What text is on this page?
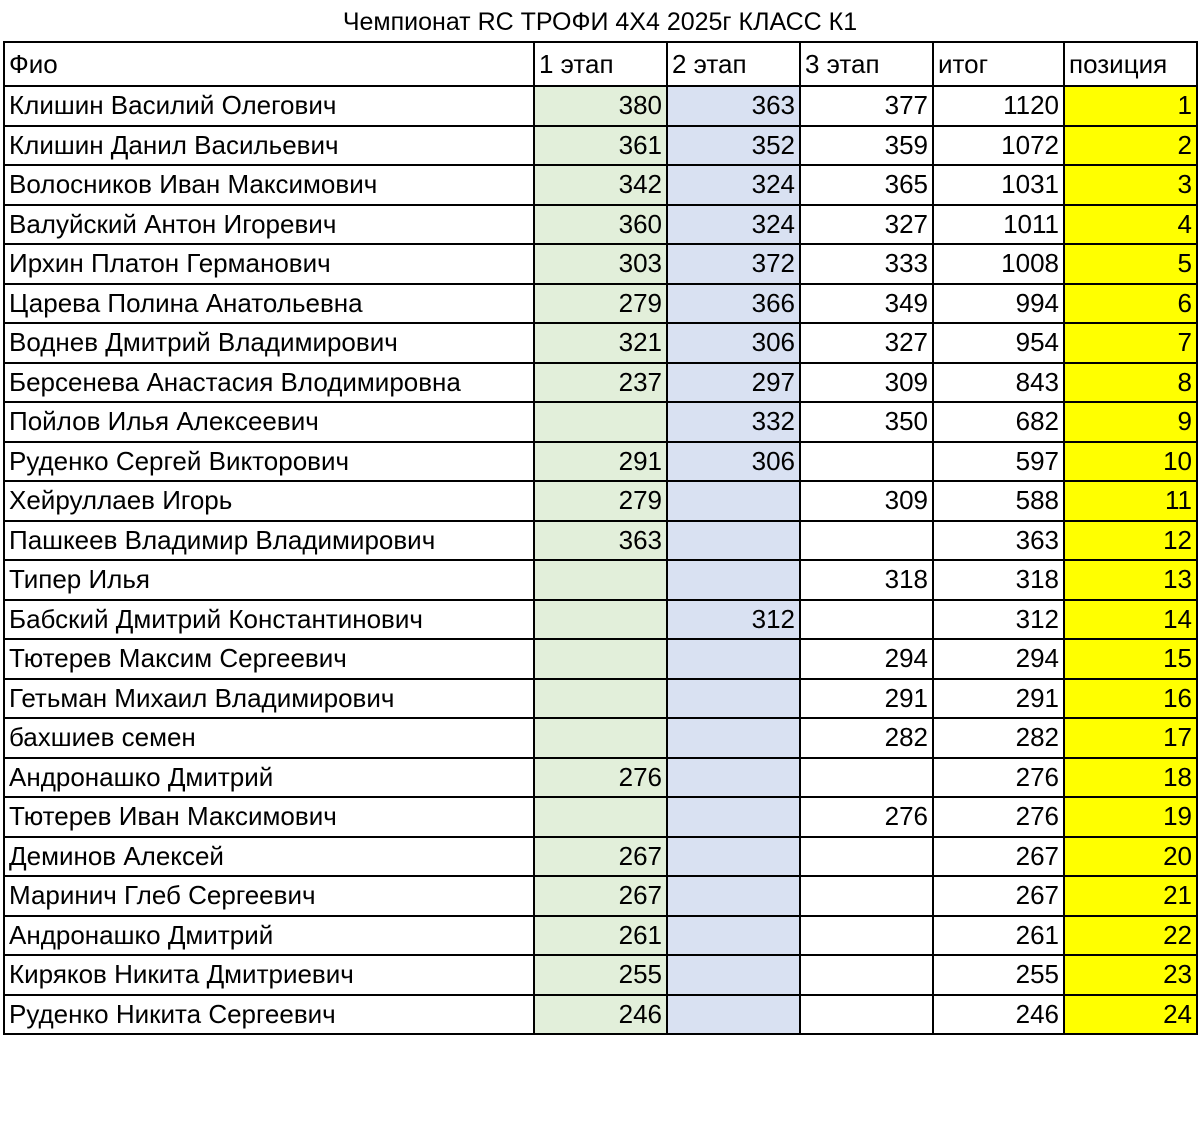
Чемпионат RC ТРОФИ 4Х4 2025г КЛАСС К1
Фио	1 этап	2 этап	3 этап	итог	позиция
Клишин Василий Олегович	380	363	377	1120	1
Клишин Данил Васильевич	361	352	359	1072	2
Волосников Иван Максимович	342	324	365	1031	3
Валуйский Антон Игоревич	360	324	327	1011	4
Ирхин Платон Германович	303	372	333	1008	5
Царева Полина Анатольевна	279	366	349	994	6
Воднев Дмитрий Владимирович	321	306	327	954	7
Берсенева Анастасия Влодимировна	237	297	309	843	8
Пойлов Илья Алексеевич		332	350	682	9
Руденко Сергей Викторович	291	306		597	10
Хейруллаев Игорь	279		309	588	11
Пашкеев Владимир Владимирович	363			363	12
Типер Илья			318	318	13
Бабский Дмитрий Константинович		312		312	14
Тютерев Максим Сергеевич			294	294	15
Гетьман Михаил Владимирович			291	291	16
бахшиев семен			282	282	17
Андронашко Дмитрий	276			276	18
Тютерев Иван Максимович			276	276	19
Деминов Алексей	267			267	20
Маринич Глеб Сергеевич	267			267	21
Андронашко Дмитрий	261			261	22
Киряков Никита Дмитриевич	255			255	23
Руденко Никита Сергеевич	246			246	24
